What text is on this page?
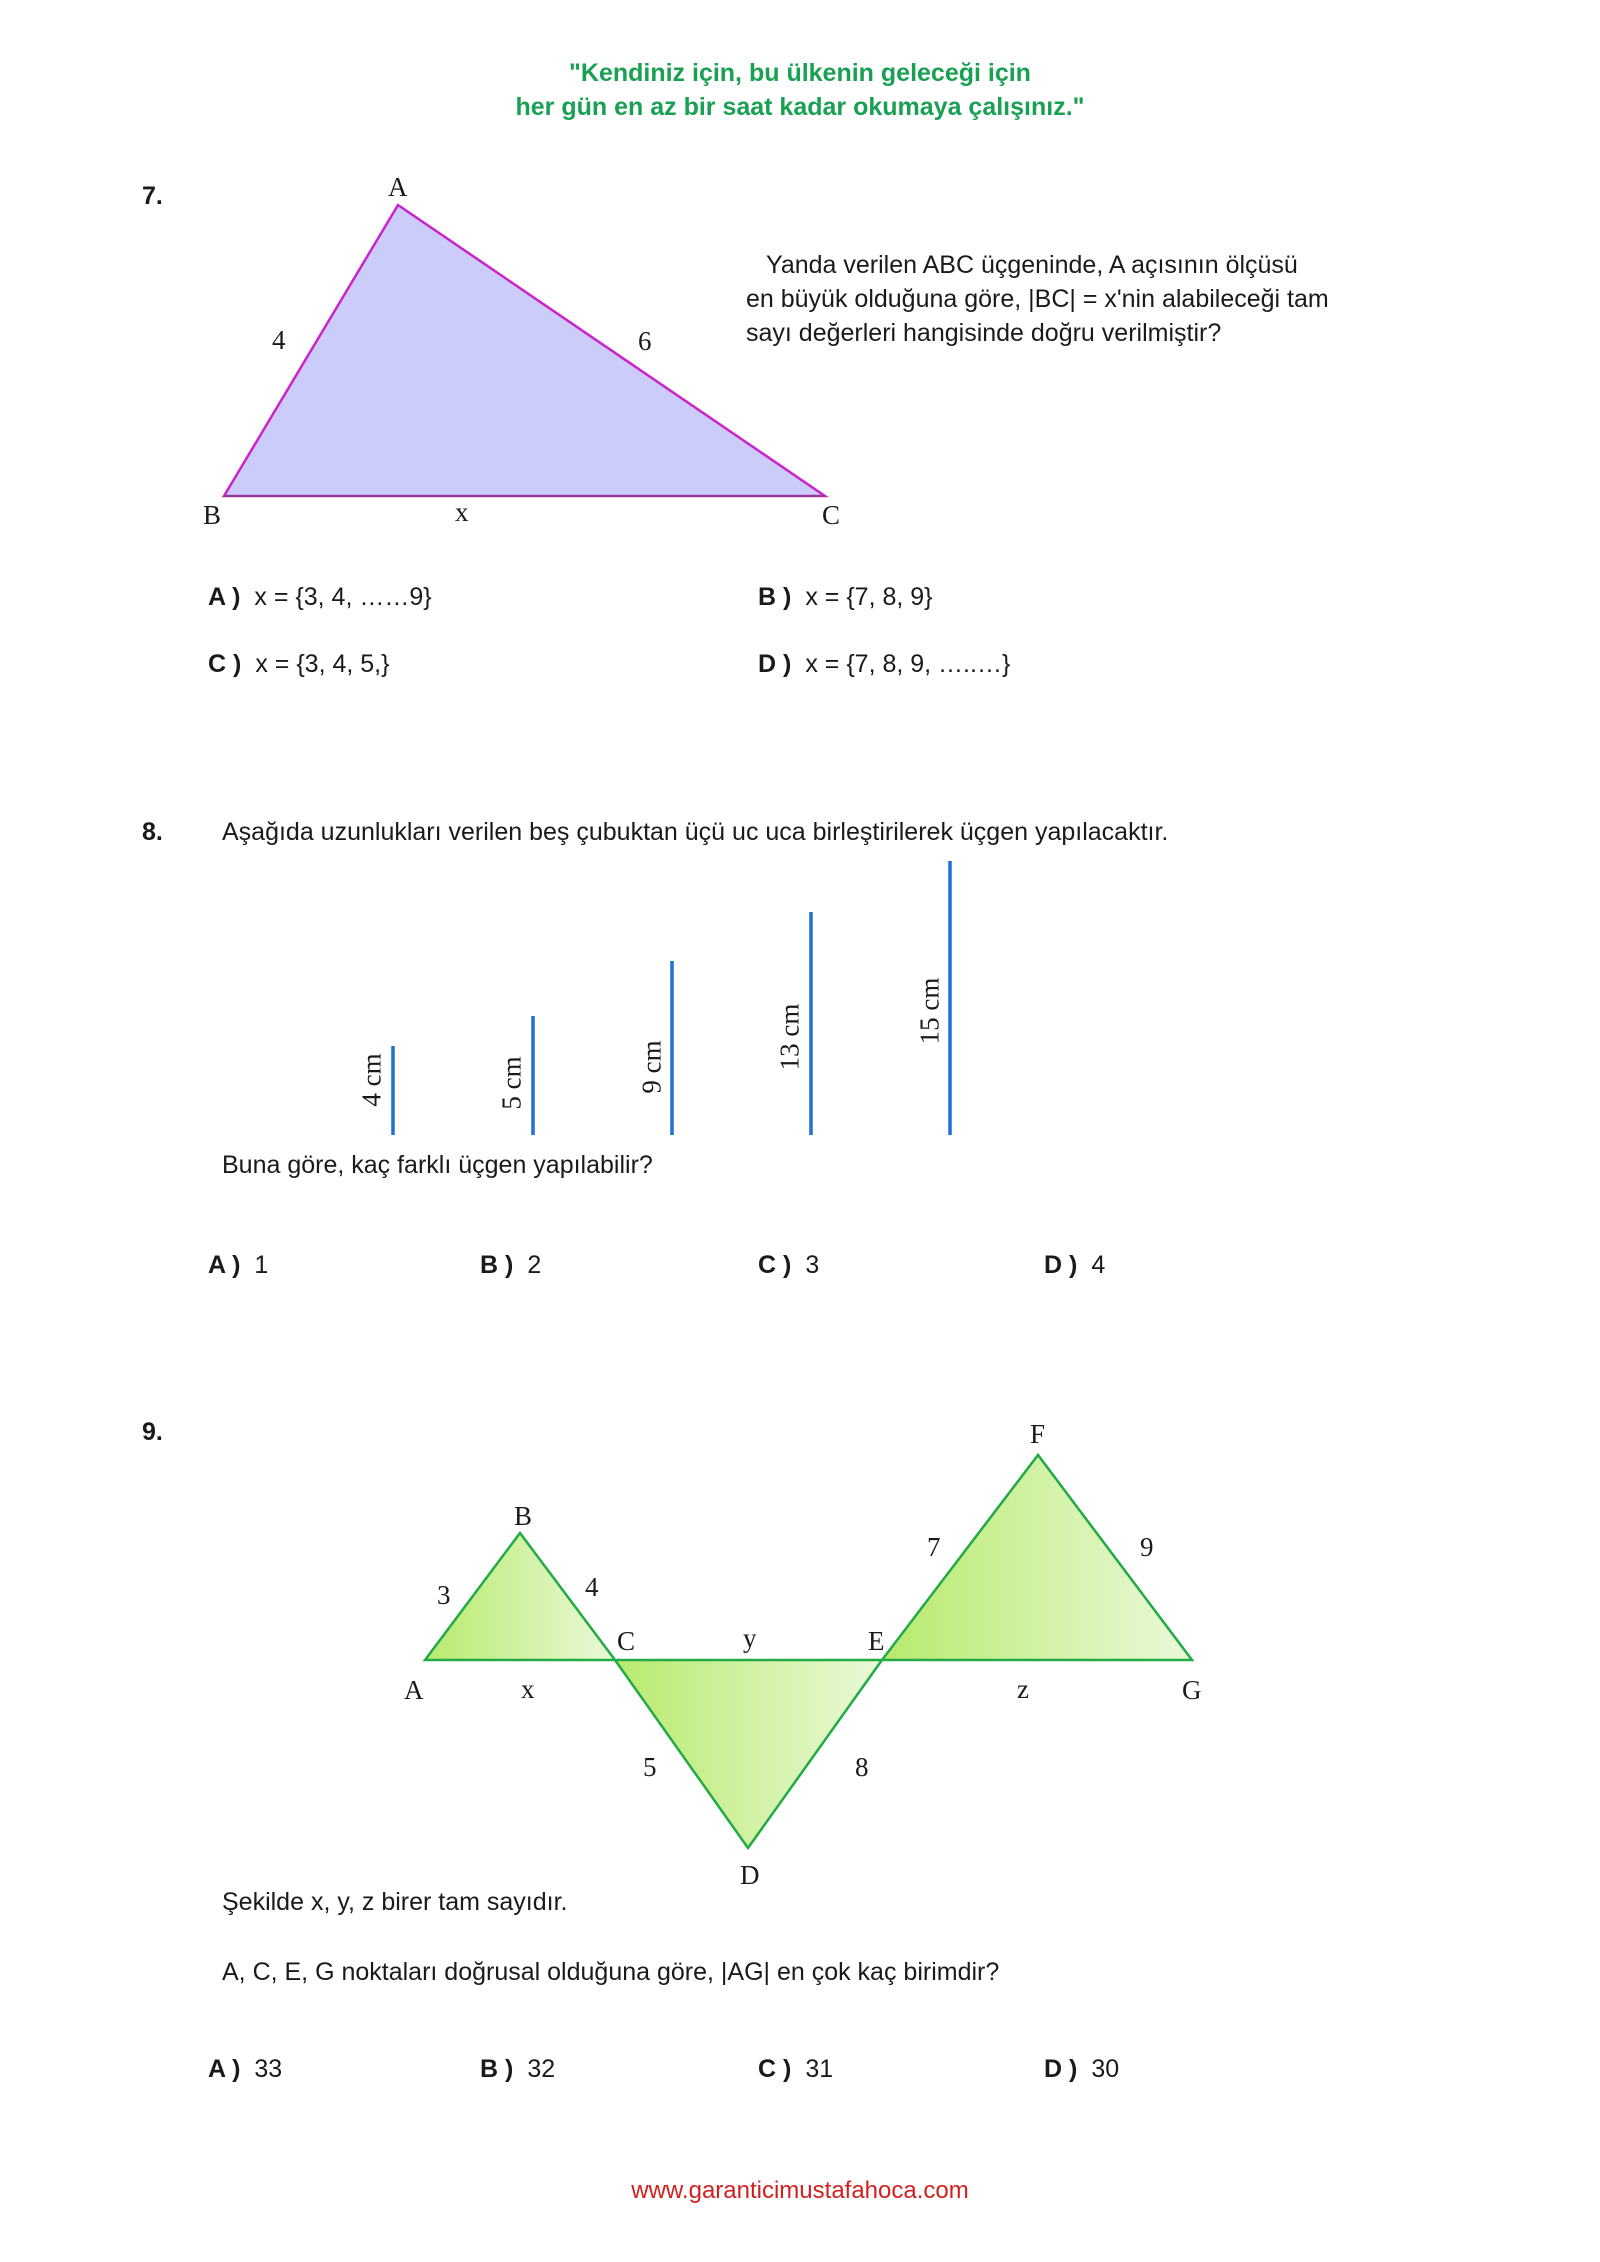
"Kendiniz için, bu ülkenin geleceği için
her gün en az bir saat kadar okumaya çalışınız."
7.	A
B	C
4	6
x
Yanda verilen ABC üçgeninde, A açısının ölçüsü
en büyük olduğuna göre, |BC| = x'nin alabileceği tam
sayı değerleri hangisinde doğru verilmiştir?
A ) x = {3, 4, ……9}	B ) x = {7, 8, 9}
C ) x = {3, 4, 5,}	D ) x = {7, 8, 9, …..…}
8. Aşağıda uzunlukları verilen beş çubuktan üçü uc uca birleştirilerek üçgen yapılacaktır.
4 cm	5 cm	9 cm	13 cm	15 cm
Buna göre, kaç farklı üçgen yapılabilir?
A ) 1	B ) 2	C ) 3	D ) 4
9.
B
F
A
C	E
G
D
3	4
5	8
7	9
x
y
z
Şekilde x, y, z birer tam sayıdır.
A, C, E, G noktaları doğrusal olduğuna göre, |AG| en çok kaç birimdir?
A ) 33	B ) 32	C ) 31	D ) 30
www.garanticimustafahoca.com
